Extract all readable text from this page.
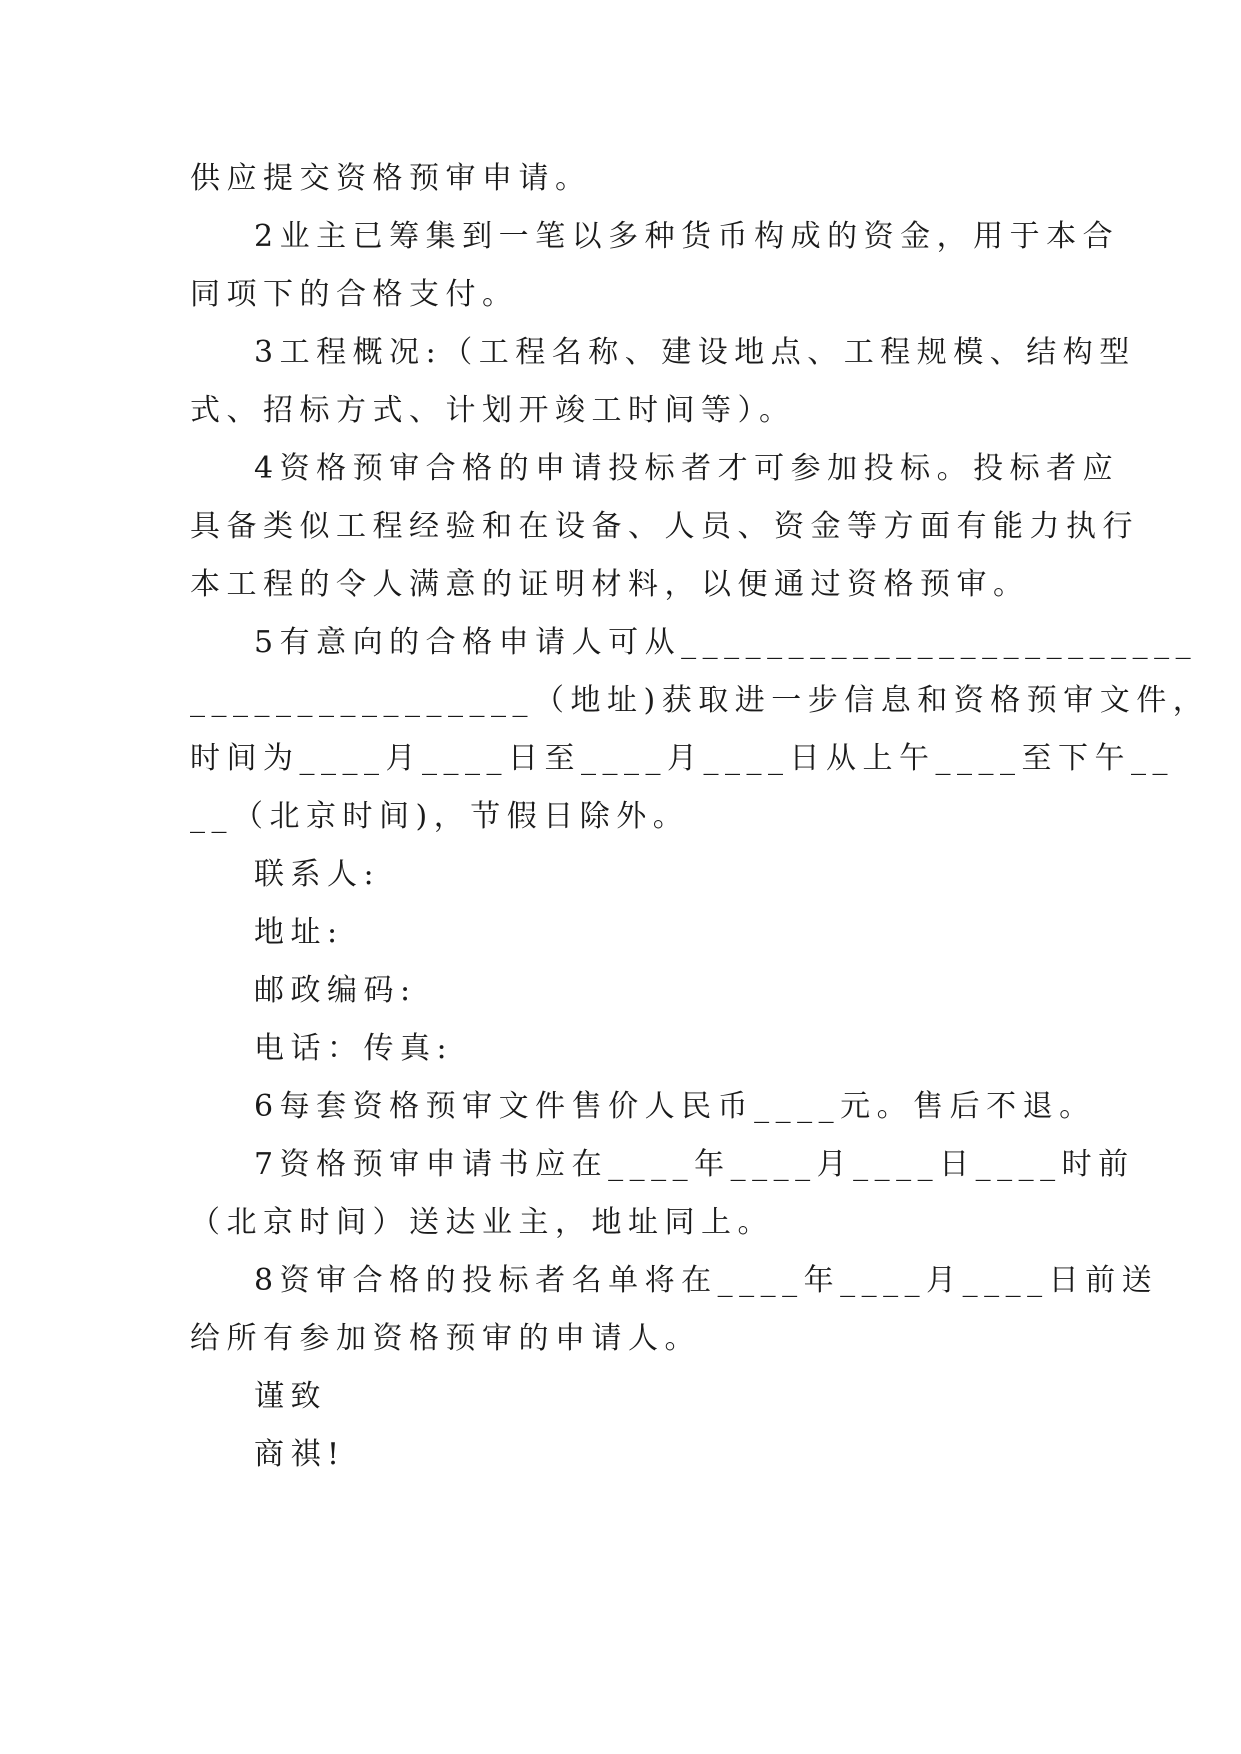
供应提交资格预审申请。
2业主已筹集到一笔以多种货币构成的资金，用于本合
同项下的合格支付。
3工程概况:（工程名称、建设地点、工程规模、结构型
式、招标方式、计划开竣工时间等）。
4资格预审合格的申请投标者才可参加投标。投标者应
具备类似工程经验和在设备、人员、资金等方面有能力执行
本工程的令人满意的证明材料，以便通过资格预审。
5有意向的合格申请人可从________________________
________________（地址)获取进一步信息和资格预审文件，
时间为____月____日至____月____日从上午____至下午__
__（北京时间)，节假日除外。
联系人:
地址:
邮政编码:
电话：传真:
6每套资格预审文件售价人民币____元。售后不退。
7资格预审申请书应在____年____月____日____时前
（北京时间）送达业主，地址同上。
8资审合格的投标者名单将在____年____月____日前送
给所有参加资格预审的申请人。
谨致
商祺!
